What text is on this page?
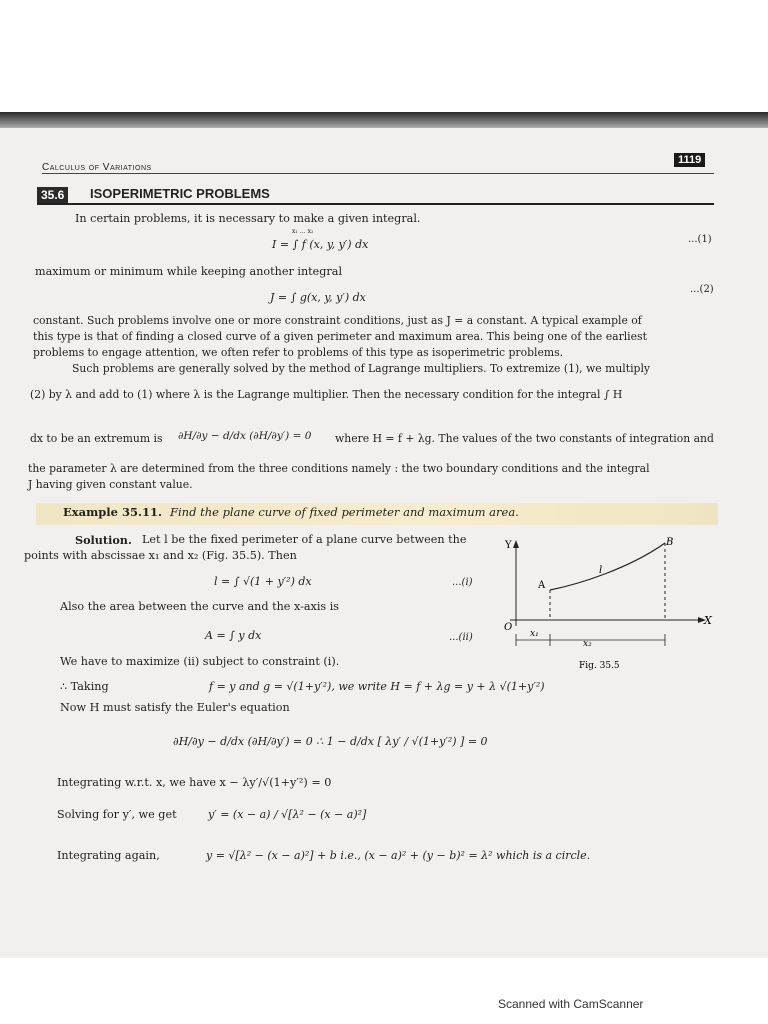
Calculus of Variations
1119
35.6	ISOPERIMETRIC PROBLEMS
In certain problems, it is necessary to make a given integral.
I = ∫ f (x, y, y′) dx
x₁ … x₂
...(1)
maximum or minimum while keeping another integral
J = ∫ g(x, y, y′) dx
...(2)
constant. Such problems involve one or more constraint conditions, just as J = a constant. A typical example of
this type is that of finding a closed curve of a given perimeter and maximum area. This being one of the earliest
problems to engage attention, we often refer to problems of this type as isoperimetric problems.
Such problems are generally solved by the method of Lagrange multipliers. To extremize (1), we multiply
(2) by λ and add to (1) where λ is the Lagrange multiplier. Then the necessary condition for the integral ∫ H
dx to be an extremum is ∂H/∂y − d/dx (∂H/∂y′) = 0 where H = f + λg. The values of the two constants of integration and
the parameter λ are determined from the three conditions namely : the two boundary conditions and the integral
J having given constant value.
Example 35.11. Find the plane curve of fixed perimeter and maximum area.
Solution. Let l be the fixed perimeter of a plane curve between the
points with abscissae x₁ and x₂ (Fig. 35.5). Then
l = ∫ √(1 + y′²) dx	...(i)
Also the area between the curve and the x-axis is
A = ∫ y dx	...(ii)
We have to maximize (ii) subject to constraint (i).
∴ Taking	f = y and g = √(1+y′²), we write H = f + λg = y + λ √(1+y′²)
Now H must satisfy the Euler's equation
∂H/∂y − d/dx (∂H/∂y′) = 0 ∴ 1 − d/dx [ λy′ / √(1+y′²) ] = 0
Integrating w.r.t. x, we have x − λy′/√(1+y′²) = 0
Solving for y′, we get	y′ = (x − a) / √[λ² − (x − a)²]
Integrating again,	y = √[λ² − (x − a)²] + b i.e., (x − a)² + (y − b)² = λ² which is a circle.
Y
X
O
A
B
l
x₁
x₂
Fig. 35.5
Scanned with CamScanner
